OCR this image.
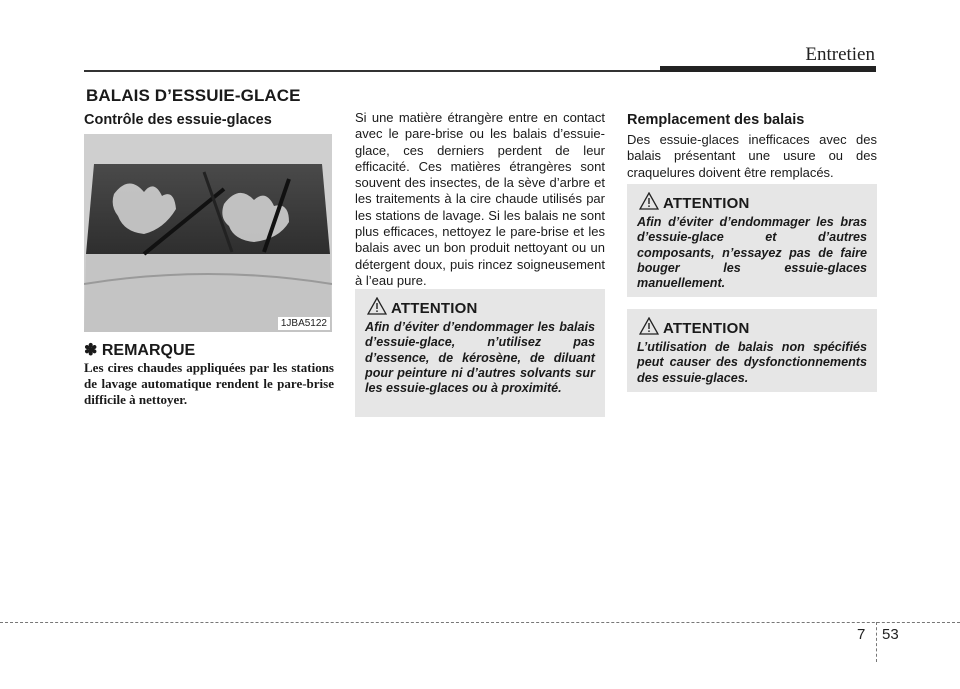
Entretien
BALAIS D’ESSUIE-GLACE
Contrôle des essuie-glaces
1JBA5122
✽ REMARQUE
Les cires chaudes appliquées par les stations de lavage automatique rendent le pare-brise difficile à nettoyer.
Si une matière étrangère entre en contact avec le pare-brise ou les balais d’essuie-glace, ces derniers perdent de leur efficacité. Ces matières étrangères sont souvent des insectes, de la sève d’arbre et les traitements à la cire chaude utilisés par les stations de lavage. Si les balais ne sont plus efficaces, nettoyez le pare-brise et les balais avec un bon produit nettoyant ou un détergent doux, puis rincez soigneusement à l’eau pure.
ATTENTION
Afin d’éviter d’endommager les balais d’essuie-glace, n’utilisez pas d’essence, de kérosène, de diluant pour peinture ni d’autres solvants sur les essuie-glaces ou à proximité.
Remplacement des balais
Des essuie-glaces inefficaces avec des balais présentant une usure ou des craquelures doivent être remplacés.
ATTENTION
Afin d’éviter d’endommager les bras d’essuie-glace et d’autres composants, n’essayez pas de faire bouger les essuie-glaces manuellement.
ATTENTION
L’utilisation de balais non spécifiés peut causer des dysfonctionnements des essuie-glaces.
7 53
